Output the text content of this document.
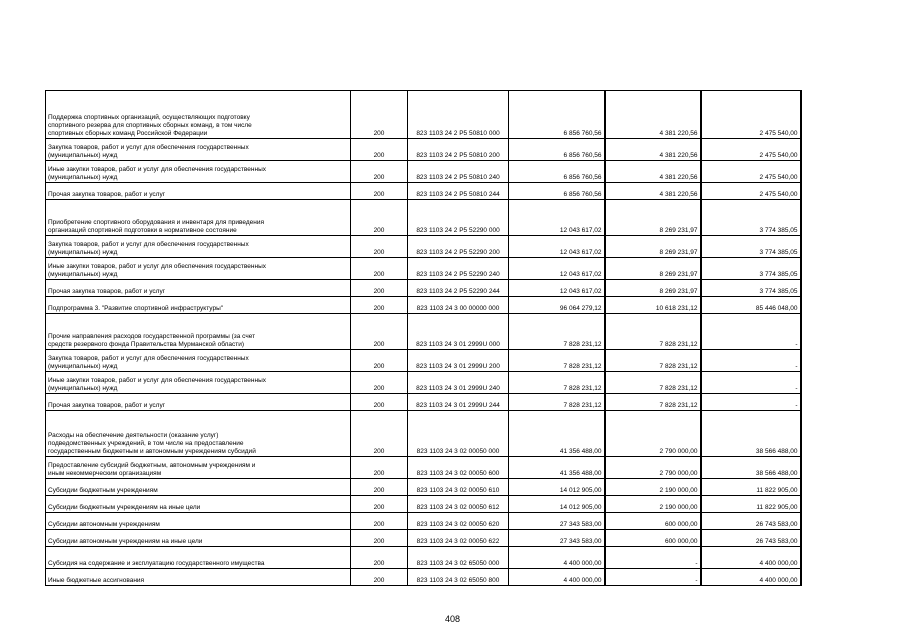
Поддержка спортивных организаций, осуществляющих подготовку
спортивного резерва для спортивных сборных команд, в том числе
спортивных сборных команд Российской Федерации	200	823 1103 24 2 Р5 50810 000	6 856 760,56	4 381 220,56	2 475 540,00

Закупка товаров, работ и услуг для обеспечения государственных
(муниципальных) нужд	200	823 1103 24 2 Р5 50810 200	6 856 760,56	4 381 220,56	2 475 540,00

Иные закупки товаров, работ и услуг для обеспечения государственных
(муниципальных) нужд	200	823 1103 24 2 Р5 50810 240	6 856 760,56	4 381 220,56	2 475 540,00

Прочая закупка товаров, работ и услуг	200	823 1103 24 2 Р5 50810 244	6 856 760,56	4 381 220,56	2 475 540,00

Приобретение спортивного оборудования и инвентаря для приведения
организаций спортивной подготовки в нормативное состояние	200	823 1103 24 2 Р5 52290 000	12 043 617,02	8 269 231,97	3 774 385,05

Закупка товаров, работ и услуг для обеспечения государственных
(муниципальных) нужд	200	823 1103 24 2 Р5 52290 200	12 043 617,02	8 269 231,97	3 774 385,05

Иные закупки товаров, работ и услуг для обеспечения государственных
(муниципальных) нужд	200	823 1103 24 2 Р5 52290 240	12 043 617,02	8 269 231,97	3 774 385,05

Прочая закупка товаров, работ и услуг	200	823 1103 24 2 Р5 52290 244	12 043 617,02	8 269 231,97	3 774 385,05

Подпрограмма 3. "Развитие спортивной инфраструктуры"	200	823 1103 24 3 00 00000 000	96 064 279,12	10 618 231,12	85 446 048,00

Прочие направления расходов государственной программы (за счет
средств резервного фонда Правительства Мурманской области)	200	823 1103 24 3 01 2999U 000	7 828 231,12	7 828 231,12	-

Закупка товаров, работ и услуг для обеспечения государственных
(муниципальных) нужд	200	823 1103 24 3 01 2999U 200	7 828 231,12	7 828 231,12	-

Иные закупки товаров, работ и услуг для обеспечения государственных
(муниципальных) нужд	200	823 1103 24 3 01 2999U 240	7 828 231,12	7 828 231,12	-

Прочая закупка товаров, работ и услуг	200	823 1103 24 3 01 2999U 244	7 828 231,12	7 828 231,12	-

Расходы на обеспечение деятельности (оказание услуг)
подведомственных учреждений, в том числе на предоставление
государственным бюджетным и автономным учреждениям субсидий	200	823 1103 24 3 02 00050 000	41 356 488,00	2 790 000,00	38 566 488,00

Предоставление субсидий бюджетным, автономным учреждениям и
иным некоммерческим организациям	200	823 1103 24 3 02 00050 600	41 356 488,00	2 790 000,00	38 566 488,00

Субсидии бюджетным учреждениям	200	823 1103 24 3 02 00050 610	14 012 905,00	2 190 000,00	11 822 905,00

Субсидии бюджетным учреждениям на иные цели	200	823 1103 24 3 02 00050 612	14 012 905,00	2 190 000,00	11 822 905,00

Субсидии автономным учреждениям	200	823 1103 24 3 02 00050 620	27 343 583,00	600 000,00	26 743 583,00

Субсидии автономным учреждениям на иные цели	200	823 1103 24 3 02 00050 622	27 343 583,00	600 000,00	26 743 583,00

Субсидия на содержание и эксплуатацию государственного имущества	200	823 1103 24 3 02 65050 000	4 400 000,00	-	4 400 000,00

Иные бюджетные ассигнования	200	823 1103 24 3 02 65050 800	4 400 000,00	-	4 400 000,00
408
